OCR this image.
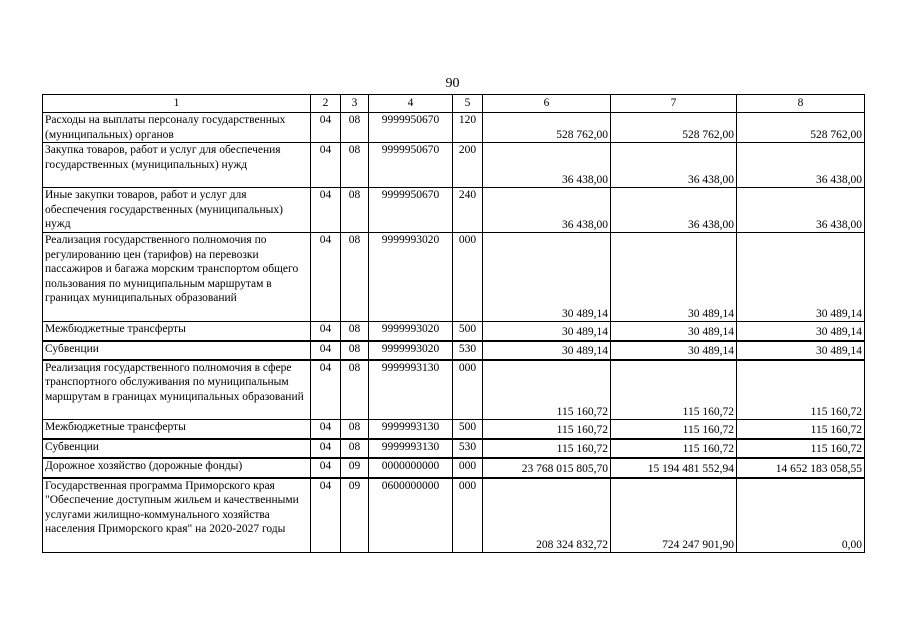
90
1	2	3	4	5	6	7	8
Расходы на выплаты персоналу государственных (муниципальных) органов	04	08	9999950670	120	528 762,00	528 762,00	528 762,00
Закупка товаров, работ и услуг для обеспечения государственных (муниципальных) нужд	04	08	9999950670	200	36 438,00	36 438,00	36 438,00
Иные закупки товаров, работ и услуг для обеспечения государственных (муниципальных) нужд	04	08	9999950670	240	36 438,00	36 438,00	36 438,00
Реализация государственного полномочия по регулированию цен (тарифов) на перевозки пассажиров и багажа морским транспортом общего пользования по муниципальным маршрутам в границах муниципальных образований	04	08	9999993020	000	30 489,14	30 489,14	30 489,14
Межбюджетные трансферты	04	08	9999993020	500	30 489,14	30 489,14	30 489,14
Субвенции	04	08	9999993020	530	30 489,14	30 489,14	30 489,14
Реализация государственного полномочия в сфере транспортного обслуживания по муниципальным маршрутам в границах муниципальных образований	04	08	9999993130	000	115 160,72	115 160,72	115 160,72
Межбюджетные трансферты	04	08	9999993130	500	115 160,72	115 160,72	115 160,72
Субвенции	04	08	9999993130	530	115 160,72	115 160,72	115 160,72
Дорожное хозяйство (дорожные фонды)	04	09	0000000000	000	23 768 015 805,70	15 194 481 552,94	14 652 183 058,55
Государственная программа Приморского края "Обеспечение доступным жильем и качественными услугами жилищно-коммунального хозяйства населения Приморского края" на 2020-2027 годы	04	09	0600000000	000	208 324 832,72	724 247 901,90	0,00
